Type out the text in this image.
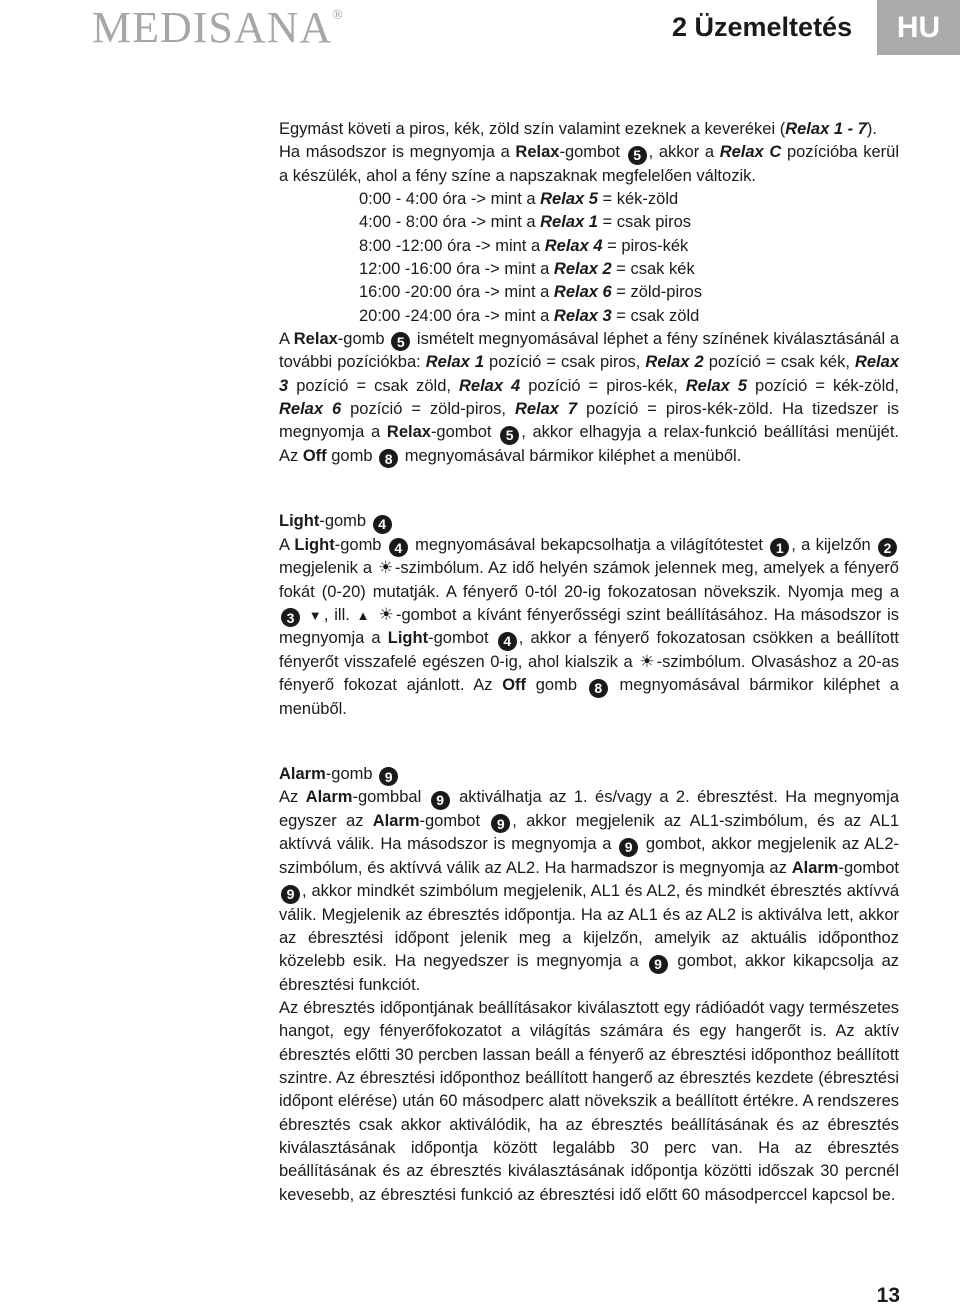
MEDISANA®	2 Üzemeltetés	HU

Egymást követi a piros, kék, zöld szín valamint ezeknek a keverékei (Relax 1 - 7).

Ha másodszor is megnyomja a Relax-gombot 5 , akkor a Relax C pozícióba kerül a készülék, ahol a fény színe a napszaknak megfelelően változik.

0:00 - 4:00 óra -> mint a Relax 5 = kék-zöld
4:00 - 8:00 óra -> mint a Relax 1 = csak piros
8:00 -12:00 óra -> mint a Relax 4 = piros-kék
12:00 -16:00 óra -> mint a Relax 2 = csak kék
16:00 -20:00 óra -> mint a Relax 6 = zöld-piros
20:00 -24:00 óra -> mint a Relax 3 = csak zöld

A Relax-gomb 5 ismételt megnyomásával léphet a fény színének kiválasztásánál a további pozíciókba: Relax 1 pozíció = csak piros, Relax 2 pozíció = csak kék, Relax 3 pozíció = csak zöld, Relax 4 pozíció = piros-kék, Relax 5 pozíció = kék-zöld, Relax 6 pozíció = zöld-piros, Relax 7 pozíció = piros-kék-zöld. Ha tizedszer is megnyomja a Relax-gombot 5 , akkor elhagyja a relax-funkció beállítási menüjét. Az Off gomb 8 megnyomásával bármikor kiléphet a menüből.

Light-gomb 4

A Light-gomb 4 megnyomásával bekapcsolhatja a világítótestet 1 , a kijelzőn 2 megjelenik a ☀-szimbólum. Az idő helyén számok jelennek meg, amelyek a fényerő fokát (0-20) mutatják. A fényerő 0-tól 20-ig fokozatosan növekszik. Nyomja meg a 3 ▼, ill. ▲ ☀-gombot a kívánt fényerősségi szint beállításához. Ha másodszor is megnyomja a Light-gombot 4 , akkor a fényerő fokozatosan csökken a beállított fényerőt visszafelé egészen 0-ig, ahol kialszik a ☀-szimbólum. Olvasáshoz a 20-as fényerő fokozat ajánlott. Az Off gomb 8 megnyomásával bármikor kiléphet a menüből.

Alarm-gomb 9

Az Alarm-gombbal 9 aktiválhatja az 1. és/vagy a 2. ébresztést. Ha megnyomja egyszer az Alarm-gombot 9 , akkor megjelenik az AL1-szimbólum, és az AL1 aktívvá válik. Ha másodszor is megnyomja a 9 gombot, akkor megjelenik az AL2-szimbólum, és aktívvá válik az AL2. Ha harmadszor is megnyomja az Alarm-gombot 9 , akkor mindkét szimbólum megjelenik, AL1 és AL2, és mindkét ébresztés aktívvá válik. Megjelenik az ébresztés időpontja. Ha az AL1 és az AL2 is aktiválva lett, akkor az ébresztési időpont jelenik meg a kijelzőn, amelyik az aktuális időponthoz közelebb esik. Ha negyedszer is megnyomja a 9 gombot, akkor kikapcsolja az ébresztési funkciót.

Az ébresztés időpontjának beállításakor kiválasztott egy rádióadót vagy természetes hangot, egy fényerőfokozatot a világítás számára és egy hangerőt is. Az aktív ébresztés előtti 30 percben lassan beáll a fényerő az ébresztési időponthoz beállított szintre. Az ébresztési időponthoz beállított hangerő az ébresztés kezdete (ébresztési időpont elérése) után 60 másodperc alatt növekszik a beállított értékre. A rendszeres ébresztés csak akkor aktiválódik, ha az ébresztés beállításának és az ébresztés kiválasztásának időpontja között legalább 30 perc van. Ha az ébresztés beállításának és az ébresztés kiválasztásának időpontja közötti időszak 30 percnél kevesebb, az ébresztési funkció az ébresztési idő előtt 60 másodperccel kapcsol be.

13
